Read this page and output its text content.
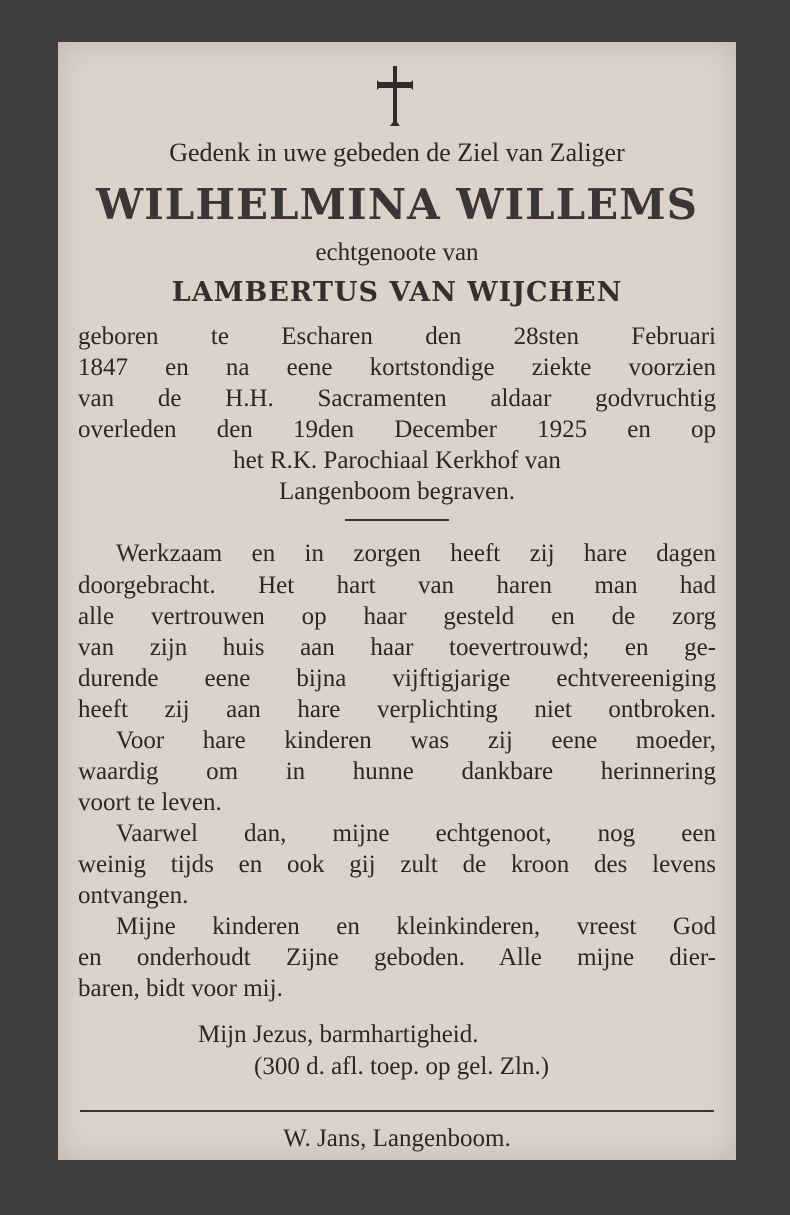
Gedenk in uwe gebeden de Ziel van Zaliger
WILHELMINA WILLEMS
echtgenoote van
LAMBERTUS VAN WIJCHEN
geboren te Escharen den 28sten Februari
1847 en na eene kortstondige ziekte voorzien
van de H.H. Sacramenten aldaar godvruchtig
overleden den 19den December 1925 en op
het R.K. Parochiaal Kerkhof van
Langenboom begraven.
Werkzaam en in zorgen heeft zij hare dagen
doorgebracht. Het hart van haren man had
alle vertrouwen op haar gesteld en de zorg
van zijn huis aan haar toevertrouwd; en ge-
durende eene bijna vijftigjarige echtvereeniging
heeft zij aan hare verplichting niet ontbroken.
Voor hare kinderen was zij eene moeder,
waardig om in hunne dankbare herinnering
voort te leven.
Vaarwel dan, mijne echtgenoot, nog een
weinig tijds en ook gij zult de kroon des levens
ontvangen.
Mijne kinderen en kleinkinderen, vreest God
en onderhoudt Zijne geboden. Alle mijne dier-
baren, bidt voor mij.
Mijn Jezus, barmhartigheid.
(300 d. afl. toep. op gel. Zln.)
W. Jans, Langenboom.
